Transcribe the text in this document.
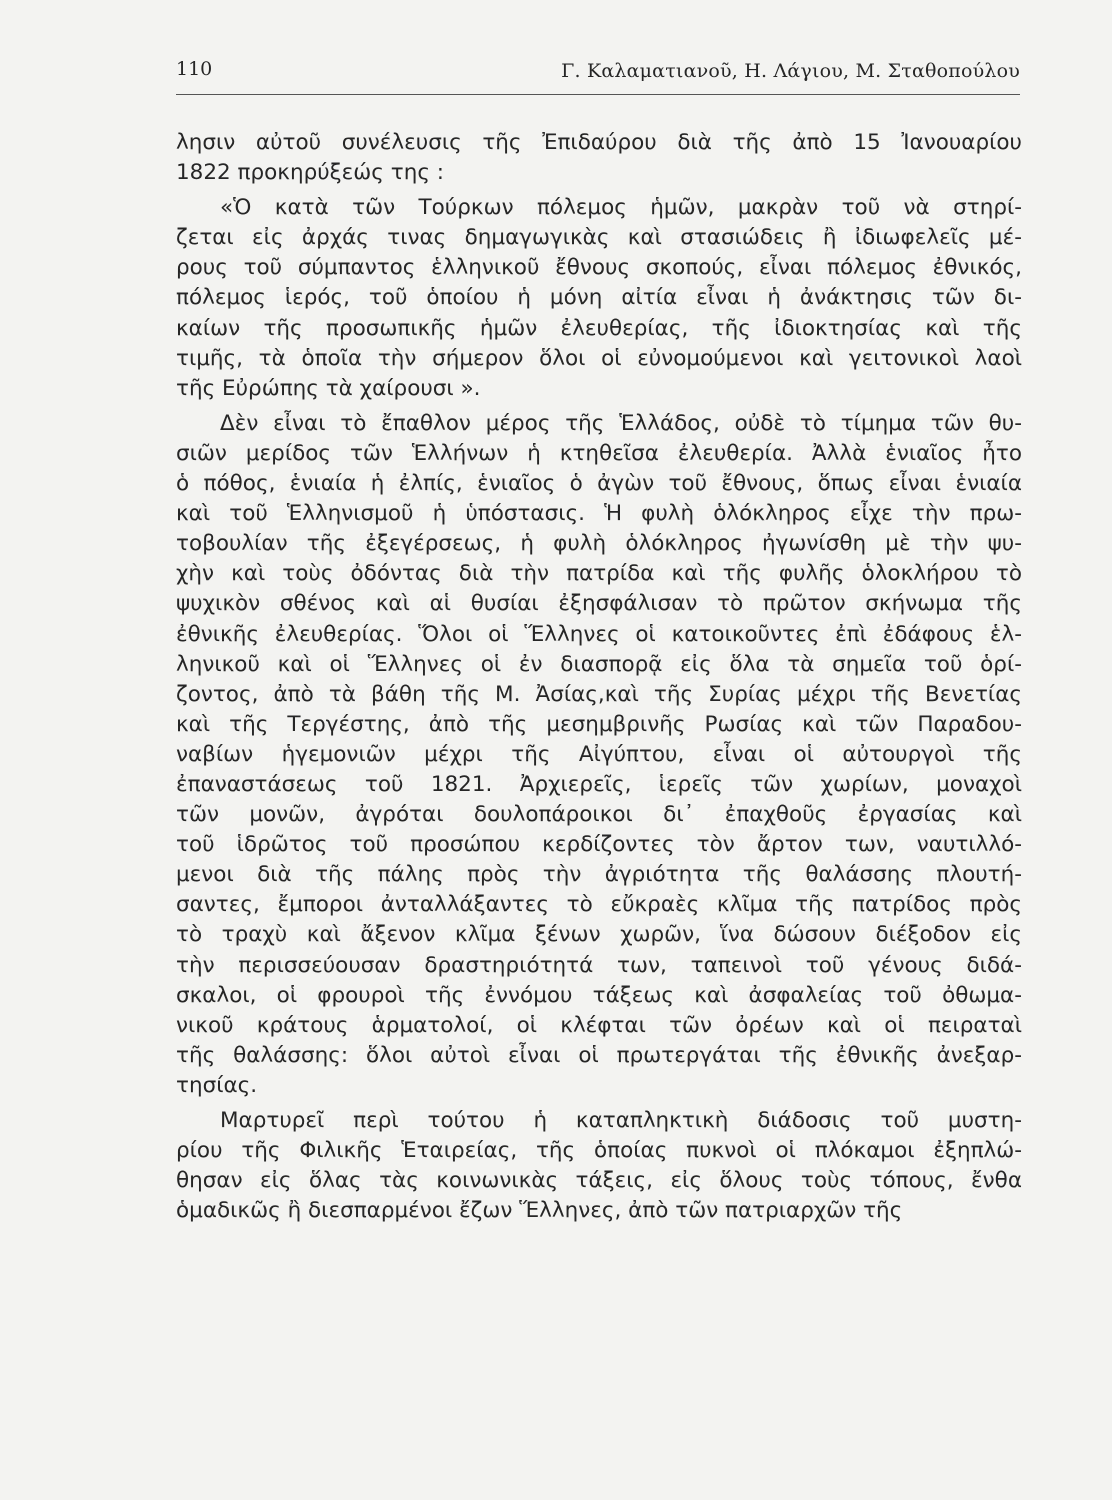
110	Γ. Καλαματιανοῦ, Η. Λάγιου, Μ. Σταθοπούλου
λησιν αὐτοῦ συνέλευσις τῆς Ἐπιδαύρου διὰ τῆς ἀπὸ 15 Ἰανουαρίου
1822 προκηρύξεώς της :
«Ὁ κατὰ τῶν Τούρκων πόλεμος ἡμῶν, μακρὰν τοῦ νὰ στηρί-
ζεται εἰς ἀρχάς τινας δημαγωγικὰς καὶ στασιώδεις ἢ ἰδιωφελεῖς μέ-
ρους τοῦ σύμπαντος ἑλληνικοῦ ἔθνους σκοπούς, εἶναι πόλεμος ἐθνικός,
πόλεμος ἱερός, τοῦ ὁποίου ἡ μόνη αἰτία εἶναι ἡ ἀνάκτησις τῶν δι-
καίων τῆς προσωπικῆς ἡμῶν ἐλευθερίας, τῆς ἰδιοκτησίας καὶ τῆς
τιμῆς, τὰ ὁποῖα τὴν σήμερον ὅλοι οἱ εὐνομούμενοι καὶ γειτονικοὶ λαοὶ
τῆς Εὐρώπης τὰ χαίρουσι ».
Δὲν εἶναι τὸ ἔπαθλον μέρος τῆς Ἑλλάδος, οὐδὲ τὸ τίμημα τῶν θυ-
σιῶν μερίδος τῶν Ἑλλήνων ἡ κτηθεῖσα ἐλευθερία. Ἀλλὰ ἑνιαῖος ἦτο
ὁ πόθος, ἑνιαία ἡ ἐλπίς, ἑνιαῖος ὁ ἀγὼν τοῦ ἔθνους, ὅπως εἶναι ἑνιαία
καὶ τοῦ Ἑλληνισμοῦ ἡ ὑπόστασις. Ἡ φυλὴ ὁλόκληρος εἶχε τὴν πρω-
τοβουλίαν τῆς ἐξεγέρσεως, ἡ φυλὴ ὁλόκληρος ἠγωνίσθη μὲ τὴν ψυ-
χὴν καὶ τοὺς ὀδόντας διὰ τὴν πατρίδα καὶ τῆς φυλῆς ὁλοκλήρου τὸ
ψυχικὸν σθένος καὶ αἱ θυσίαι ἐξησφάλισαν τὸ πρῶτον σκήνωμα τῆς
ἐθνικῆς ἐλευθερίας. Ὅλοι οἱ Ἕλληνες οἱ κατοικοῦντες ἐπὶ ἐδάφους ἑλ-
ληνικοῦ καὶ οἱ Ἕλληνες οἱ ἐν διασπορᾷ εἰς ὅλα τὰ σημεῖα τοῦ ὁρί-
ζοντος, ἀπὸ τὰ βάθη τῆς Μ. Ἀσίας,καὶ τῆς Συρίας μέχρι τῆς Βενετίας
καὶ τῆς Τεργέστης, ἀπὸ τῆς μεσημβρινῆς Ρωσίας καὶ τῶν Παραδου-
ναβίων ἡγεμονιῶν μέχρι τῆς Αἰγύπτου, εἶναι οἱ αὐτουργοὶ τῆς
ἐπαναστάσεως τοῦ 1821. Ἀρχιερεῖς, ἱερεῖς τῶν χωρίων, μοναχοὶ
τῶν μονῶν, ἀγρόται δουλοπάροικοι δι᾽ ἐπαχθοῦς ἐργασίας καὶ
τοῦ ἱδρῶτος τοῦ προσώπου κερδίζοντες τὸν ἄρτον των, ναυτιλλό-
μενοι διὰ τῆς πάλης πρὸς τὴν ἀγριότητα τῆς θαλάσσης πλουτή-
σαντες, ἔμποροι ἀνταλλάξαντες τὸ εὔκραὲς κλῖμα τῆς πατρίδος πρὸς
τὸ τραχὺ καὶ ἄξενον κλῖμα ξένων χωρῶν, ἵνα δώσουν διέξοδον εἰς
τὴν περισσεύουσαν δραστηριότητά των, ταπεινοὶ τοῦ γένους διδά-
σκαλοι, οἱ φρουροὶ τῆς ἐννόμου τάξεως καὶ ἀσφαλείας τοῦ ὀθωμα-
νικοῦ κράτους ἁρματολοί, οἱ κλέφται τῶν ὀρέων καὶ οἱ πειραταὶ
τῆς θαλάσσης: ὅλοι αὐτοὶ εἶναι οἱ πρωτεργάται τῆς ἐθνικῆς ἀνεξαρ-
τησίας.
Μαρτυρεῖ περὶ τούτου ἡ καταπληκτικὴ διάδοσις τοῦ μυστη-
ρίου τῆς Φιλικῆς Ἑταιρείας, τῆς ὁποίας πυκνοὶ οἱ πλόκαμοι ἐξηπλώ-
θησαν εἰς ὅλας τὰς κοινωνικὰς τάξεις, εἰς ὅλους τοὺς τόπους, ἔνθα
ὁμαδικῶς ἢ διεσπαρμένοι ἔζων Ἕλληνες, ἀπὸ τῶν πατριαρχῶν τῆς
